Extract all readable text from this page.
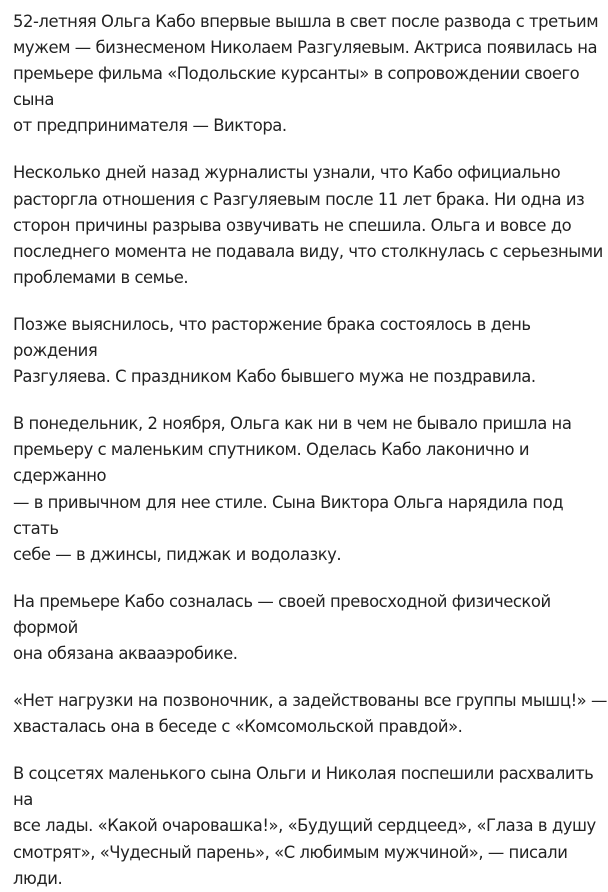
52-летняя Ольга Кабо впервые вышла в свет после развода с третьим
мужем — бизнесменом Николаем Разгуляевым. Актриса появилась на
премьере фильма «Подольские курсанты» в сопровождении своего сына
от предпринимателя — Виктора.

Несколько дней назад журналисты узнали, что Кабо официально
расторгла отношения с Разгуляевым после 11 лет брака. Ни одна из
сторон причины разрыва озвучивать не спешила. Ольга и вовсе до
последнего момента не подавала виду, что столкнулась с серьезными
проблемами в семье.

Позже выяснилось, что расторжение брака состоялось в день рождения
Разгуляева. С праздником Кабо бывшего мужа не поздравила.

В понедельник, 2 ноября, Ольга как ни в чем не бывало пришла на
премьеру с маленьким спутником. Оделась Кабо лаконично и сдержанно
— в привычном для нее стиле. Сына Виктора Ольга нарядила под стать
себе — в джинсы, пиджак и водолазку.

На премьере Кабо созналась — своей превосходной физической формой
она обязана аквааэробике.

«Нет нагрузки на позвоночник, а задействованы все группы мышц!» —
хвасталась она в беседе с «Комсомольской правдой».

В соцсетях маленького сына Ольги и Николая поспешили расхвалить на
все лады. «Какой очаровашка!», «Будущий сердцеед», «Глаза в душу
смотрят», «Чудесный парень», «С любимым мужчиной», — писали люди.
